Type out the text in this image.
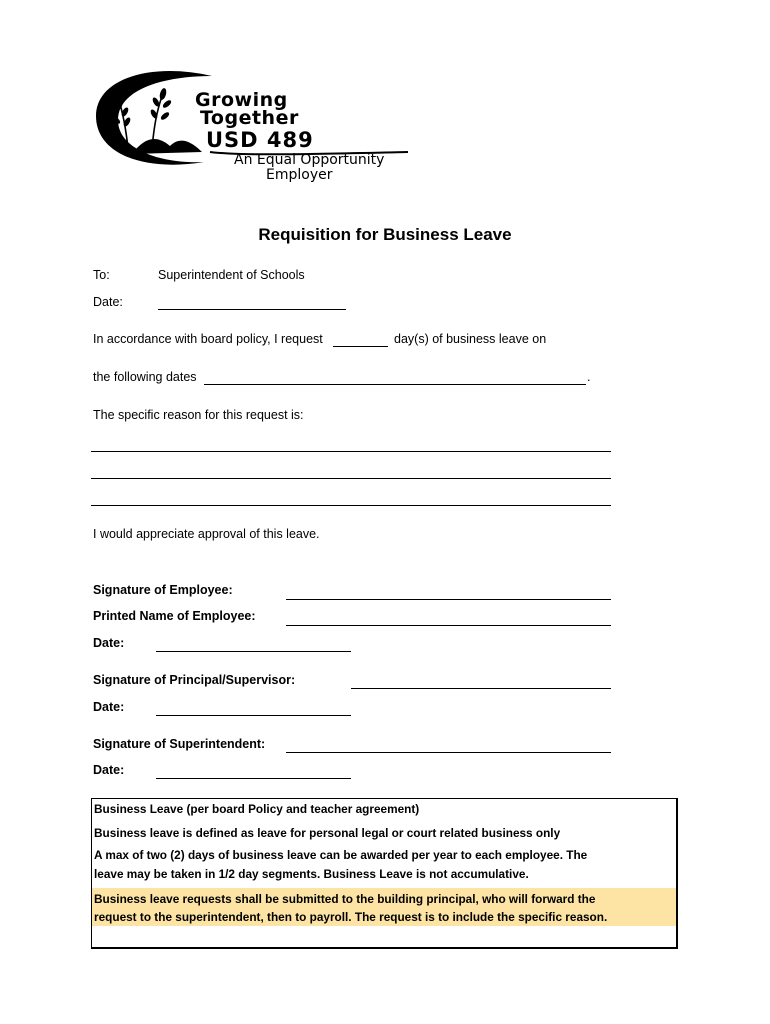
Growing
Together
USD 489
An Equal Opportunity
Employer
Requisition for Business Leave
To:	Superintendent of Schools
Date:
In accordance with board policy, I request	day(s) of business leave on
the following dates	.
The specific reason for this request is:
I would appreciate approval of this leave.
Signature of Employee:
Printed Name of Employee:
Date:
Signature of Principal/Supervisor:
Date:
Signature of Superintendent:
Date:
Business Leave (per board Policy and teacher agreement)
Business leave is defined as leave for personal legal or court related business only
A max of two (2) days of business leave can be awarded per year to each employee. The
leave may be taken in 1/2 day segments. Business Leave is not accumulative.
Business leave requests shall be submitted to the building principal, who will forward the
request to the superintendent, then to payroll. The request is to include the specific reason.
